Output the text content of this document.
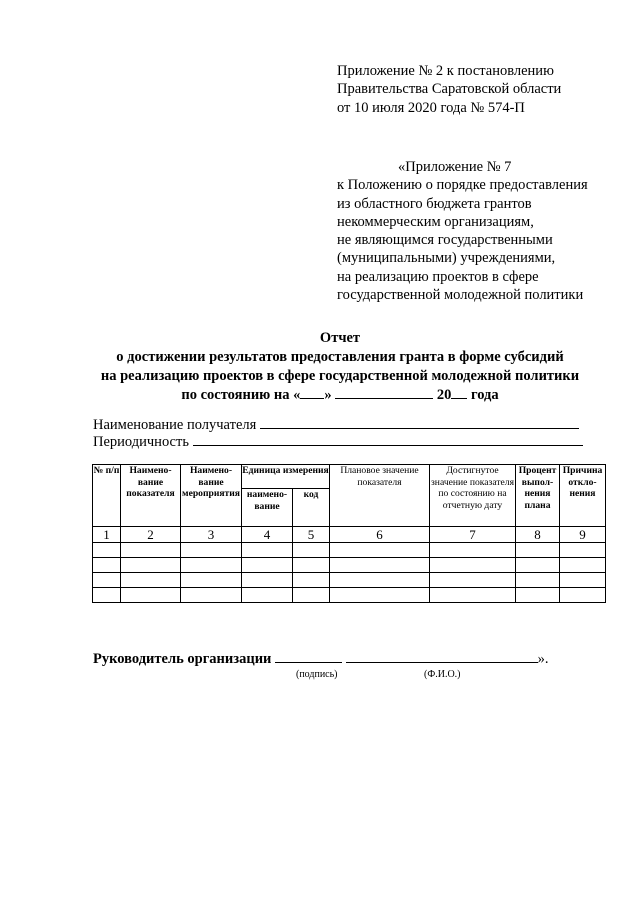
Приложение № 2 к постановлению
Правительства Саратовской области
от 10 июля 2020 года № 574-П
«Приложение № 7
к Положению о порядке предоставления
из областного бюджета грантов
некоммерческим организациям,
не являющимся государственными
(муниципальными) учреждениями,
на реализацию проектов в сфере
государственной молодежной политики
Отчет
о достижении результатов предоставления гранта в форме субсидий
на реализацию проектов в сфере государственной молодежной политики
по состоянию на « »	20 года
Наименование получателя
Периодичность
№ п/п	Наимено- вание показателя	Наимено- вание мероприятия	Единица измерения		Плановое значение показателя	Достигнутое значение показателя по состоянию на отчетную дату	Процент выпол- нения плана	Причина откло- нения
			наимено- вание	код				
1	2	3	4	5	6	7	8	9

Руководитель организации	».
(подпись)	(Ф.И.О.)
